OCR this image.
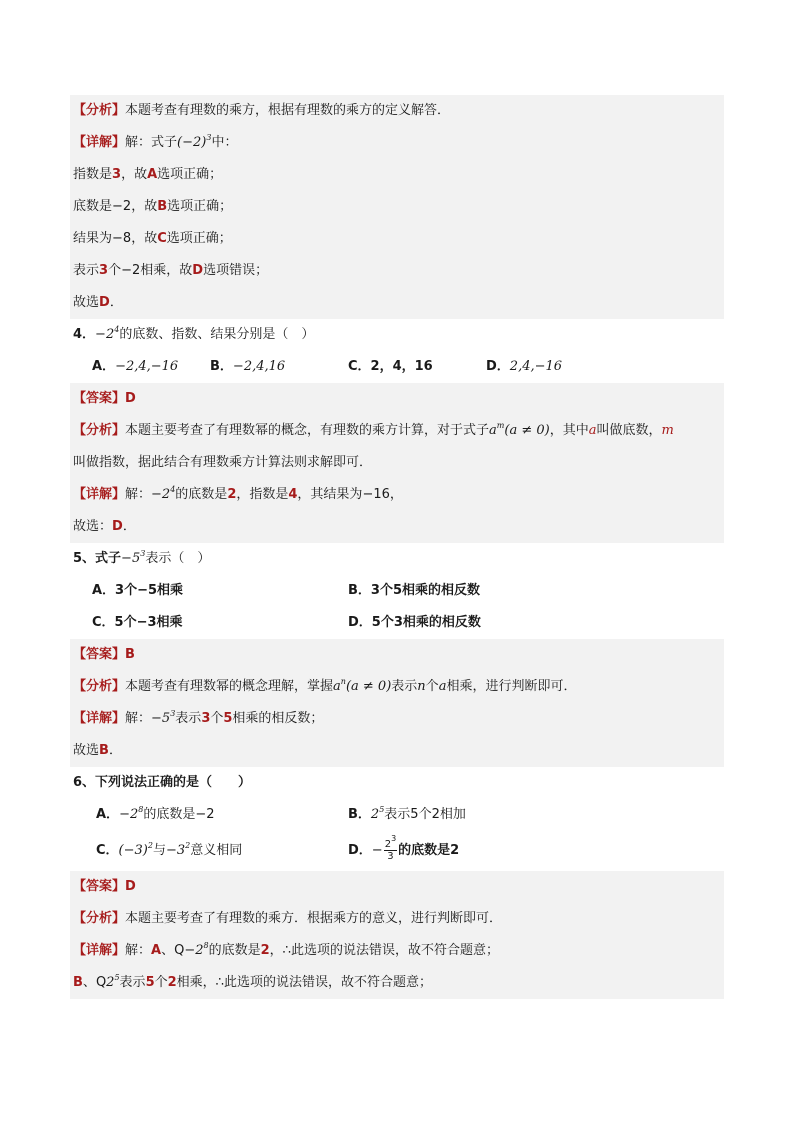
【分析】本题考查有理数的乘方，根据有理数的乘方的定义解答．
【详解】解：式子$(-2)^3$中：
指数是3，故A选项正确；
底数是−2，故B选项正确；
结果为−8，故C选项正确；
表示3个−2相乘，故D选项错误；
故选D．
4．$-2^4$的底数、指数、结果分别是（　）
A．−2,4,−16 B．−2,4,16	C．2，4，16	D．2,4,−16
【答案】D
【分析】本题主要考查了有理数幂的概念，有理数的乘方计算，对于式子$a^m(a \ne 0)$，其中a叫做底数，m
叫做指数，据此结合有理数乘方计算法则求解即可．
【详解】解：$-2^4$的底数是2，指数是4，其结果为−16，
故选：D．
5、式子$-5^3$表示（　）
A．3个−5相乘	B．3个5相乘的相反数
C．5个−3相乘	D．5个3相乘的相反数
【答案】B
【分析】本题考查有理数幂的概念理解，掌握$a^n(a \ne 0)$表示n个a相乘，进行判断即可．
【详解】解：$-5^3$表示3个5相乘的相反数；
故选B．
6、下列说法正确的是（　　）
A．$-2^8$的底数是−2	B．$2^5$表示5个2相加
C．$(-3)^2$与$-3^2$意义相同	D．− $\frac{2^3}{3}$ 的底数是2
【答案】D
【分析】本题主要考查了有理数的乘方．根据乘方的意义，进行判断即可．
【详解】解：A、$Q-2^8$的底数是2，∴此选项的说法错误，故不符合题意；
B、$Q2^5$表示5个2相乘，∴此选项的说法错误，故不符合题意；
